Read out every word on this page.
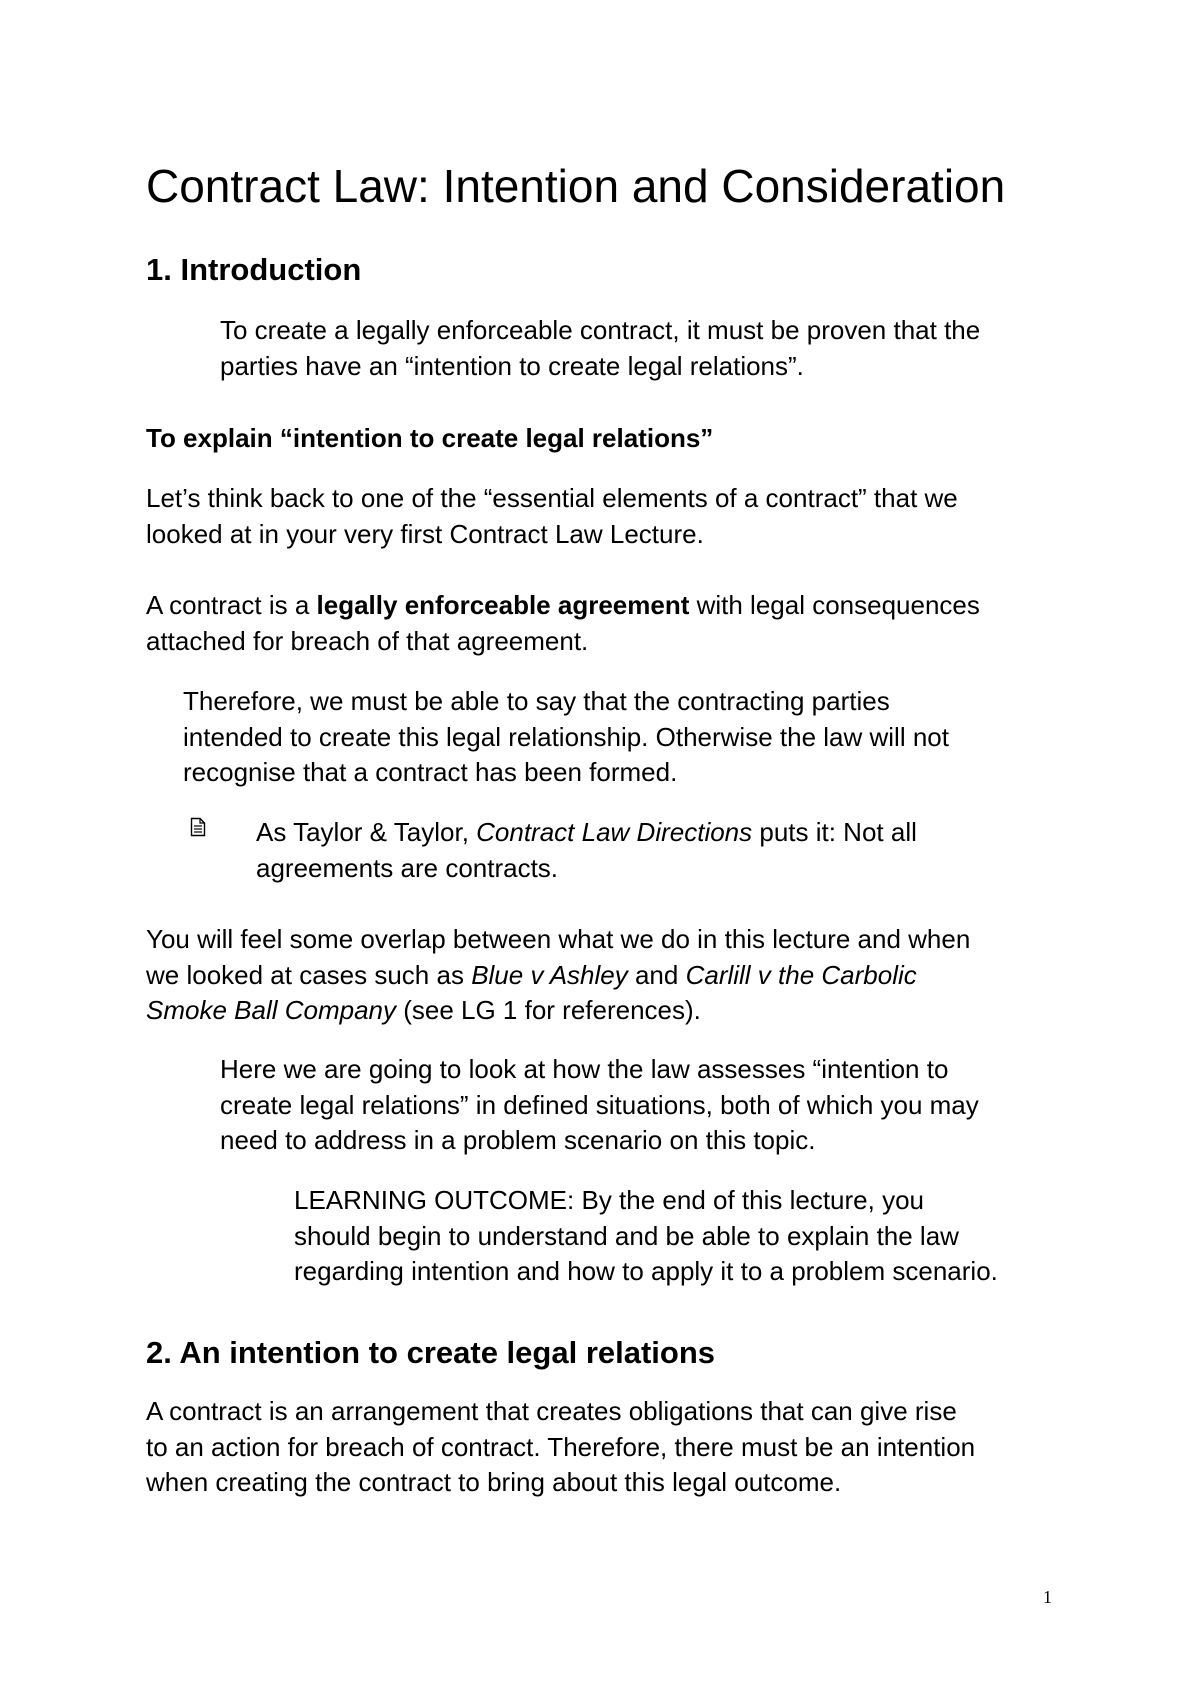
Contract Law: Intention and Consideration
1. Introduction

To create a legally enforceable contract, it must be proven that the
parties have an “intention to create legal relations”.

To explain “intention to create legal relations”

Let’s think back to one of the “essential elements of a contract” that we
looked at in your very first Contract Law Lecture.

A contract is a legally enforceable agreement with legal consequences
attached for breach of that agreement.

Therefore, we must be able to say that the contracting parties
intended to create this legal relationship. Otherwise the law will not
recognise that a contract has been formed.

As Taylor & Taylor, Contract Law Directions puts it: Not all
agreements are contracts.

You will feel some overlap between what we do in this lecture and when
we looked at cases such as Blue v Ashley and Carlill v the Carbolic
Smoke Ball Company (see LG 1 for references).

Here we are going to look at how the law assesses “intention to
create legal relations” in defined situations, both of which you may
need to address in a problem scenario on this topic.

LEARNING OUTCOME: By the end of this lecture, you
should begin to understand and be able to explain the law
regarding intention and how to apply it to a problem scenario.

2. An intention to create legal relations

A contract is an arrangement that creates obligations that can give rise
to an action for breach of contract. Therefore, there must be an intention
when creating the contract to bring about this legal outcome.

1
